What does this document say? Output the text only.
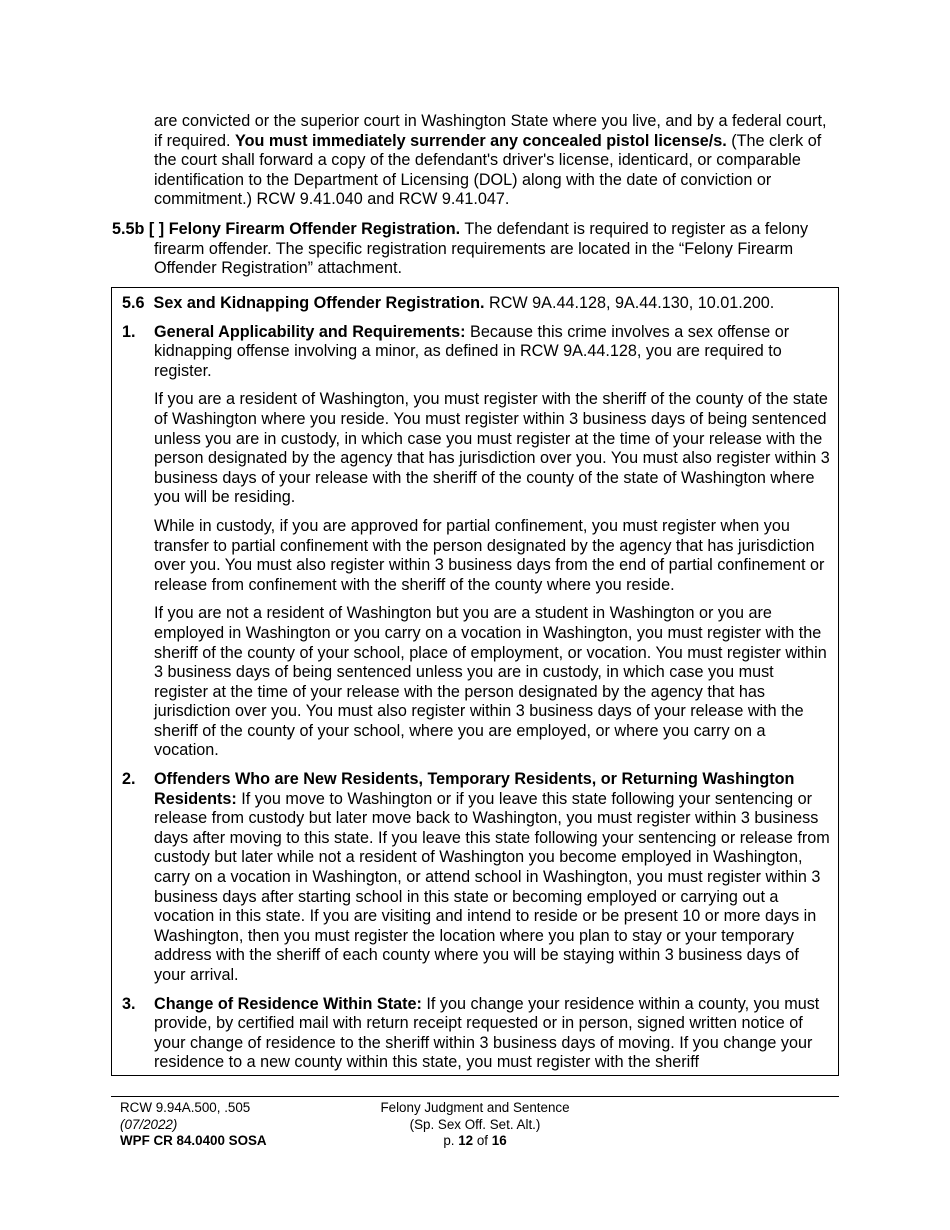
are convicted or the superior court in Washington State where you live, and by a federal court, if required. You must immediately surrender any concealed pistol license/s. (The clerk of the court shall forward a copy of the defendant's driver's license, identicard, or comparable identification to the Department of Licensing (DOL) along with the date of conviction or commitment.) RCW 9.41.040 and RCW 9.41.047.

5.5b [ ] Felony Firearm Offender Registration. The defendant is required to register as a felony firearm offender. The specific registration requirements are located in the “Felony Firearm Offender Registration” attachment.

5.6 Sex and Kidnapping Offender Registration. RCW 9A.44.128, 9A.44.130, 10.01.200.

1. General Applicability and Requirements: Because this crime involves a sex offense or kidnapping offense involving a minor, as defined in RCW 9A.44.128, you are required to register.

If you are a resident of Washington, you must register with the sheriff of the county of the state of Washington where you reside. You must register within 3 business days of being sentenced unless you are in custody, in which case you must register at the time of your release with the person designated by the agency that has jurisdiction over you. You must also register within 3 business days of your release with the sheriff of the county of the state of Washington where you will be residing.

While in custody, if you are approved for partial confinement, you must register when you transfer to partial confinement with the person designated by the agency that has jurisdiction over you. You must also register within 3 business days from the end of partial confinement or release from confinement with the sheriff of the county where you reside.

If you are not a resident of Washington but you are a student in Washington or you are employed in Washington or you carry on a vocation in Washington, you must register with the sheriff of the county of your school, place of employment, or vocation. You must register within 3 business days of being sentenced unless you are in custody, in which case you must register at the time of your release with the person designated by the agency that has jurisdiction over you. You must also register within 3 business days of your release with the sheriff of the county of your school, where you are employed, or where you carry on a vocation.

2. Offenders Who are New Residents, Temporary Residents, or Returning Washington Residents: If you move to Washington or if you leave this state following your sentencing or release from custody but later move back to Washington, you must register within 3 business days after moving to this state. If you leave this state following your sentencing or release from custody but later while not a resident of Washington you become employed in Washington, carry on a vocation in Washington, or attend school in Washington, you must register within 3 business days after starting school in this state or becoming employed or carrying out a vocation in this state. If you are visiting and intend to reside or be present 10 or more days in Washington, then you must register the location where you plan to stay or your temporary address with the sheriff of each county where you will be staying within 3 business days of your arrival.

3. Change of Residence Within State: If you change your residence within a county, you must provide, by certified mail with return receipt requested or in person, signed written notice of your change of residence to the sheriff within 3 business days of moving. If you change your residence to a new county within this state, you must register with the sheriff

RCW 9.94A.500, .505
(07/2022)
WPF CR 84.0400 SOSA
Felony Judgment and Sentence
(Sp. Sex Off. Set. Alt.)
p. 12 of 16
